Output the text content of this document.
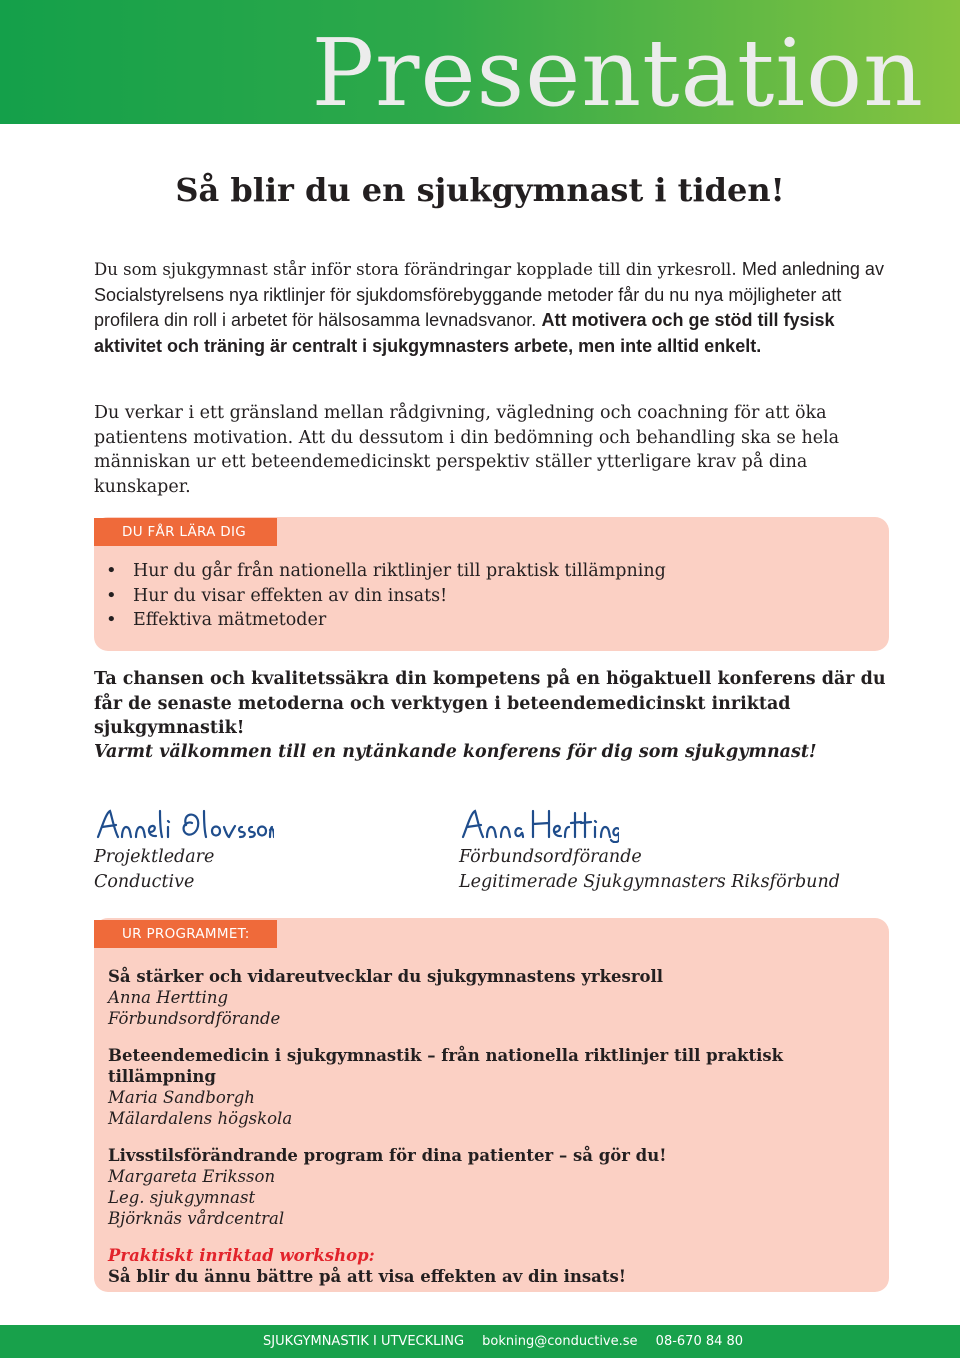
Presentation
Så blir du en sjukgymnast i tiden!

Du som sjukgymnast står inför stora förändringar kopplade till din yrkesroll. Med anledning av Socialstyrelsens nya riktlinjer för sjukdomsförebyggande metoder får du nu nya möjligheter att profilera din roll i arbetet för hälsosamma levnadsvanor. Att motivera och ge stöd till fysisk aktivitet och träning är centralt i sjukgymnasters arbete, men inte alltid enkelt.

Du verkar i ett gränsland mellan rådgivning, vägledning och coachning för att öka patientens motivation. Att du dessutom i din bedömning och behandling ska se hela människan ur ett beteendemedicinskt perspektiv ställer ytterligare krav på dina kunskaper.

DU FÅR LÄRA DIG
• Hur du går från nationella riktlinjer till praktisk tillämpning
• Hur du visar effekten av din insats!
• Effektiva mätmetoder

Ta chansen och kvalitetssäkra din kompetens på en högaktuell konferens där du får de senaste metoderna och verktygen i beteendemedicinskt inriktad sjukgymnastik!

Varmt välkommen till en nytänkande konferens för dig som sjukgymnast!

Projektledare
Conductive
Förbundsordförande
Legitimerade Sjukgymnasters Riksförbund
UR PROGRAMMET:
Så stärker och vidareutvecklar du sjukgymnastens yrkesroll
Anna Hertting
Förbundsordförande
Beteendemedicin i sjukgymnastik – från nationella riktlinjer till praktisk tillämpning
Maria Sandborgh
Mälardalens högskola
Livsstilsförändrande program för dina patienter – så gör du!
Margareta Eriksson
Leg. sjukgymnast
Björknäs vårdcentral
Praktiskt inriktad workshop:
Så blir du ännu bättre på att visa effekten av din insats!
SJUKGYMNASTIK I UTVECKLING bokning@conductive.se 08-670 84 80
